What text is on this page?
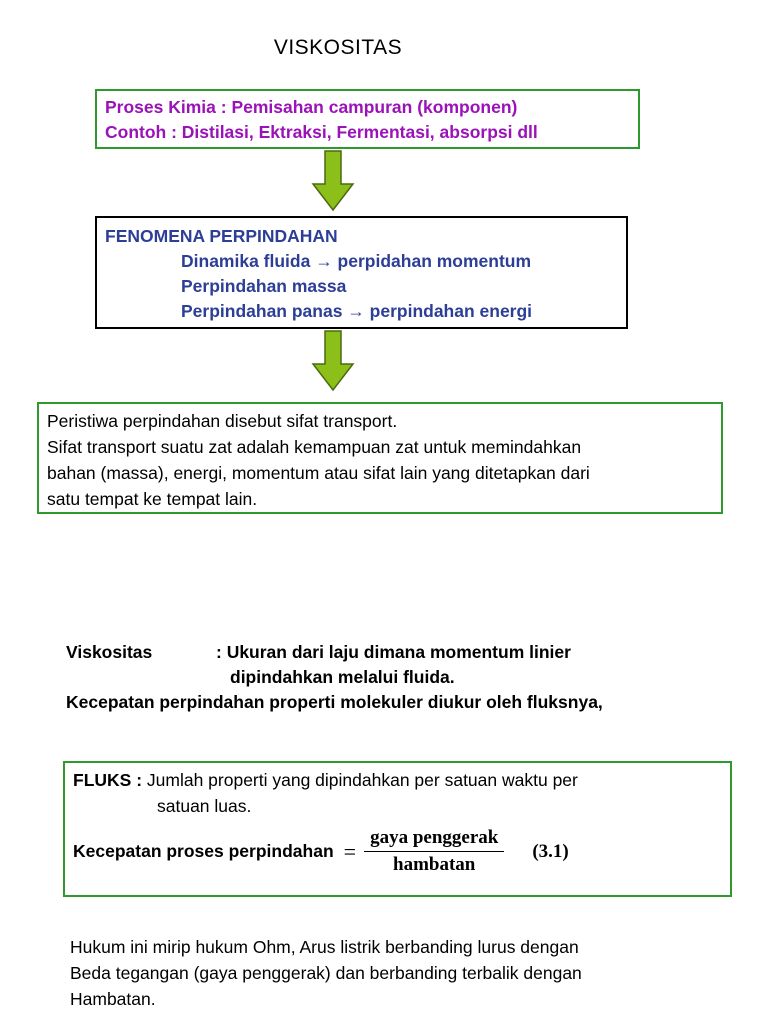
VISKOSITAS
Proses Kimia : Pemisahan campuran (komponen)
Contoh : Distilasi, Ektraksi, Fermentasi, absorpsi dll
FENOMENA PERPINDAHAN
Dinamika fluida → perpidahan momentum
Perpindahan massa
Perpindahan panas → perpindahan energi
Peristiwa perpindahan disebut sifat transport.
Sifat transport suatu zat adalah kemampuan zat untuk memindahkan
bahan (massa), energi, momentum atau sifat lain yang ditetapkan dari
satu tempat ke tempat lain.
Viskositas	: Ukuran dari laju dimana momentum linier
dipindahkan melalui fluida.
Kecepatan perpindahan properti molekuler diukur oleh fluksnya,
FLUKS : Jumlah properti yang dipindahkan per satuan waktu per
satuan luas.
Kecepatan proses perpindahan = $\frac{\text{gaya penggerak}}{\text{hambatan}} (3.1)$
Hukum ini mirip hukum Ohm, Arus listrik berbanding lurus dengan
Beda tegangan (gaya penggerak) dan berbanding terbalik dengan
Hambatan.
